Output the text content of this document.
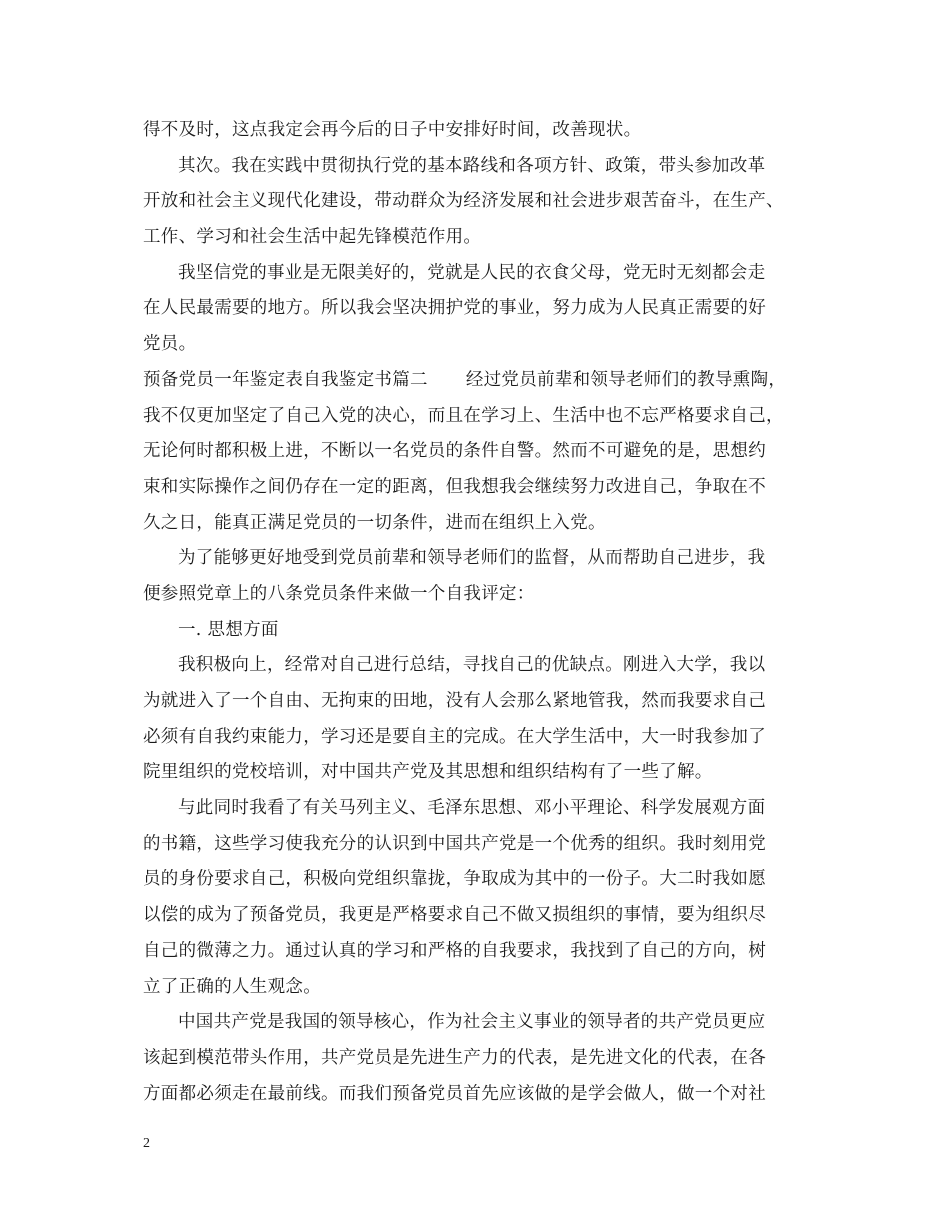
得不及时，这点我定会再今后的日子中安排好时间，改善现状。
其次。我在实践中贯彻执行党的基本路线和各项方针、政策，带头参加改革
开放和社会主义现代化建设，带动群众为经济发展和社会进步艰苦奋斗，在生产、
工作、学习和社会生活中起先锋模范作用。
我坚信党的事业是无限美好的，党就是人民的衣食父母，党无时无刻都会走
在人民最需要的地方。所以我会坚决拥护党的事业，努力成为人民真正需要的好
党员。
预备党员一年鉴定表自我鉴定书篇二 经过党员前辈和领导老师们的教导熏陶，
我不仅更加坚定了自己入党的决心，而且在学习上、生活中也不忘严格要求自己，
无论何时都积极上进，不断以一名党员的条件自警。然而不可避免的是，思想约
束和实际操作之间仍存在一定的距离，但我想我会继续努力改进自己，争取在不
久之日，能真正满足党员的一切条件，进而在组织上入党。
为了能够更好地受到党员前辈和领导老师们的监督，从而帮助自己进步，我
便参照党章上的八条党员条件来做一个自我评定：
一. 思想方面
我积极向上，经常对自己进行总结，寻找自己的优缺点。刚进入大学，我以
为就进入了一个自由、无拘束的田地，没有人会那么紧地管我，然而我要求自己
必须有自我约束能力，学习还是要自主的完成。在大学生活中，大一时我参加了
院里组织的党校培训，对中国共产党及其思想和组织结构有了一些了解。
与此同时我看了有关马列主义、毛泽东思想、邓小平理论、科学发展观方面
的书籍，这些学习使我充分的认识到中国共产党是一个优秀的组织。我时刻用党
员的身份要求自己，积极向党组织靠拢，争取成为其中的一份子。大二时我如愿
以偿的成为了预备党员，我更是严格要求自己不做又损组织的事情，要为组织尽
自己的微薄之力。通过认真的学习和严格的自我要求，我找到了自己的方向，树
立了正确的人生观念。
中国共产党是我国的领导核心，作为社会主义事业的领导者的共产党员更应
该起到模范带头作用，共产党员是先进生产力的代表，是先进文化的代表，在各
方面都必须走在最前线。而我们预备党员首先应该做的是学会做人，做一个对社
2
